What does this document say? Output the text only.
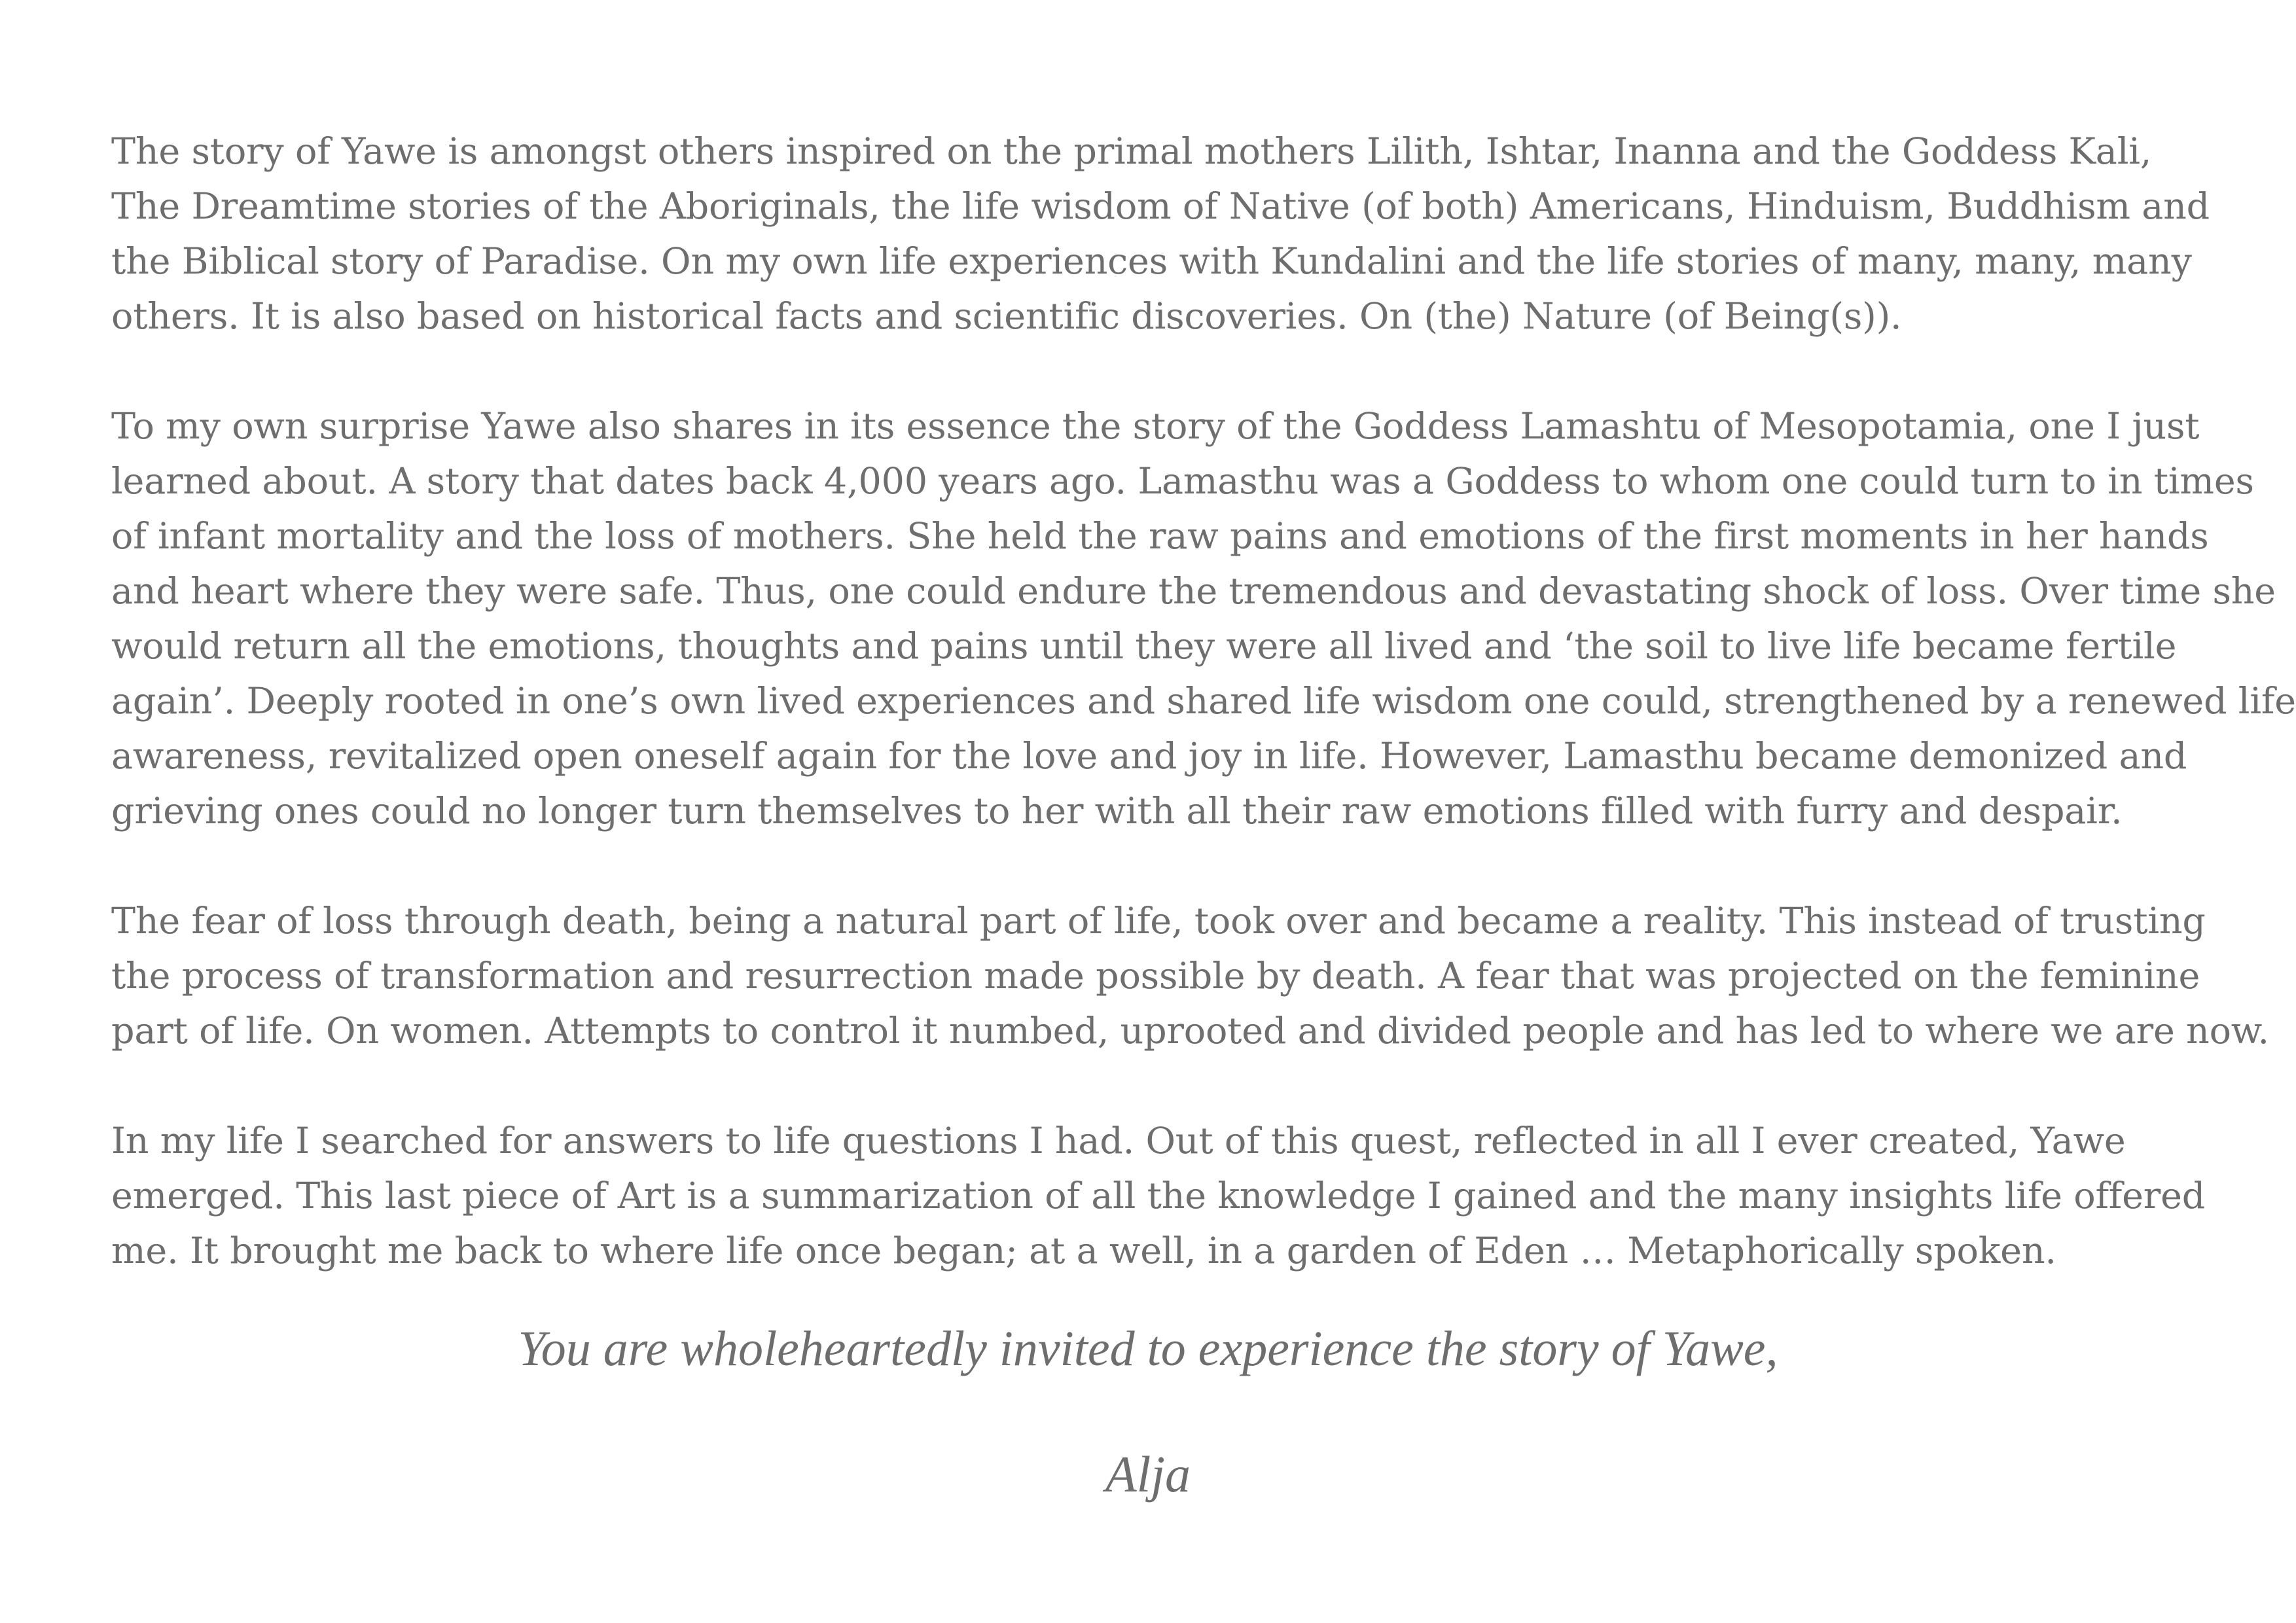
The story of Yawe is amongst others inspired on the primal mothers Lilith, Ishtar, Inanna and the Goddess Kali,
The Dreamtime stories of the Aboriginals, the life wisdom of Native (of both) Americans, Hinduism, Buddhism and
the Biblical story of Paradise. On my own life experiences with Kundalini and the life stories of many, many, many
others. It is also based on historical facts and scientific discoveries. On (the) Nature (of Being(s)).

To my own surprise Yawe also shares in its essence the story of the Goddess Lamashtu of Mesopotamia, one I just
learned about. A story that dates back 4,000 years ago. Lamasthu was a Goddess to whom one could turn to in times
of infant mortality and the loss of mothers. She held the raw pains and emotions of the first moments in her hands
and heart where they were safe. Thus, one could endure the tremendous and devastating shock of loss. Over time she
would return all the emotions, thoughts and pains until they were all lived and ‘the soil to live life became fertile
again’. Deeply rooted in one’s own lived experiences and shared life wisdom one could, strengthened by a renewed life
awareness, revitalized open oneself again for the love and joy in life. However, Lamasthu became demonized and
grieving ones could no longer turn themselves to her with all their raw emotions filled with furry and despair.

The fear of loss through death, being a natural part of life, took over and became a reality. This instead of trusting
the process of transformation and resurrection made possible by death. A fear that was projected on the feminine
part of life. On women. Attempts to control it numbed, uprooted and divided people and has led to where we are now.

In my life I searched for answers to life questions I had. Out of this quest, reflected in all I ever created, Yawe
emerged. This last piece of Art is a summarization of all the knowledge I gained and the many insights life offered
me. It brought me back to where life once began; at a well, in a garden of Eden … Metaphorically spoken.

You are wholeheartedly invited to experience the story of Yawe,
Alja
